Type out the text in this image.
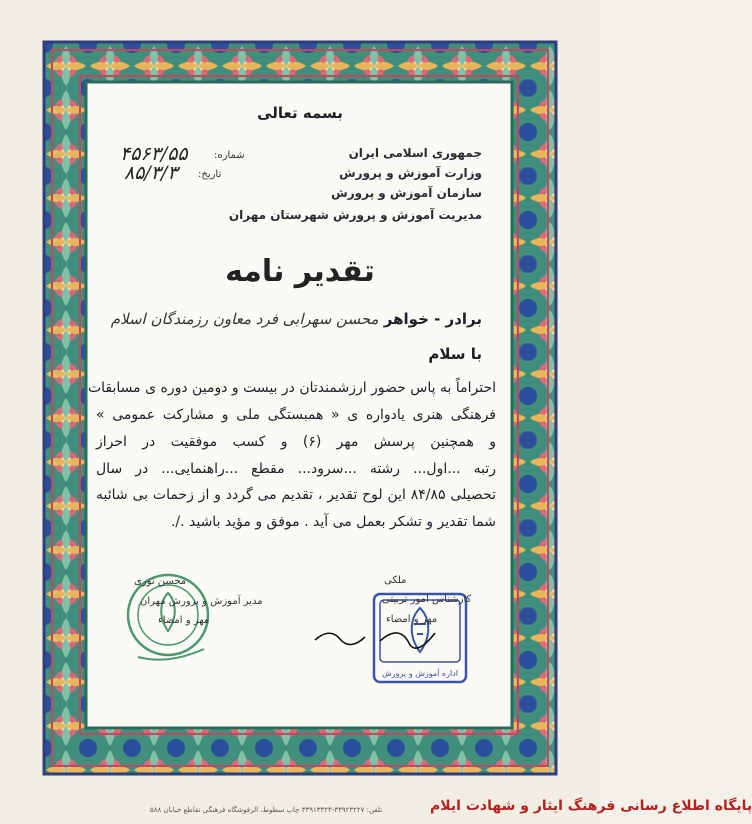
بسمه تعالی
جمهوری اسلامی ایران
وزارت آموزش و پرورش
سازمان آموزش و پرورش
مدیریت آموزش و پرورش شهرستان مهران
شماره:
۴۵۶۳/۵۵
تاریخ:
۸۵/۳/۳
تقدیر نامه
برادر - خواهر محسن سهرابی فرد معاون رزمندگان اسلام
با سلام
احتراماً به پاس حضور ارزشمندتان در بیست و دومین دوره ی مسابقات
فرهنگی هنری یادواره ی « همبستگی ملی و مشارکت عمومی »
و همچنین پرسش مهر (۶) و کسب موفقیت در احراز
رتبه ...اول... رشته ...سرود... مقطع ...راهنمایی... در سال
تحصیلی ۸۴/۸۵ این لوح تقدیر ، تقدیم می گردد و از زحمات بی شائبه
شما تقدیر و تشکر بعمل می آید . موفق و مؤید باشید ./.
اداره آموزش و پرورش
ملکی
کارشناس امور تربیتی
مهر و امضاء
محسن نوری
مدیر آموزش و پرورش مهران
مهر و امضاء
تلفن: ۳۳۹۲۳۲۲۷-۳۳۹۱۳۳۲۴ چاپ سطوط، الرفوشگاه فرهنگی تقاطع خیابان ۵۸۸	پایگاه اطلاع رسانی فرهنگ ایثار و شهادت ایلام
